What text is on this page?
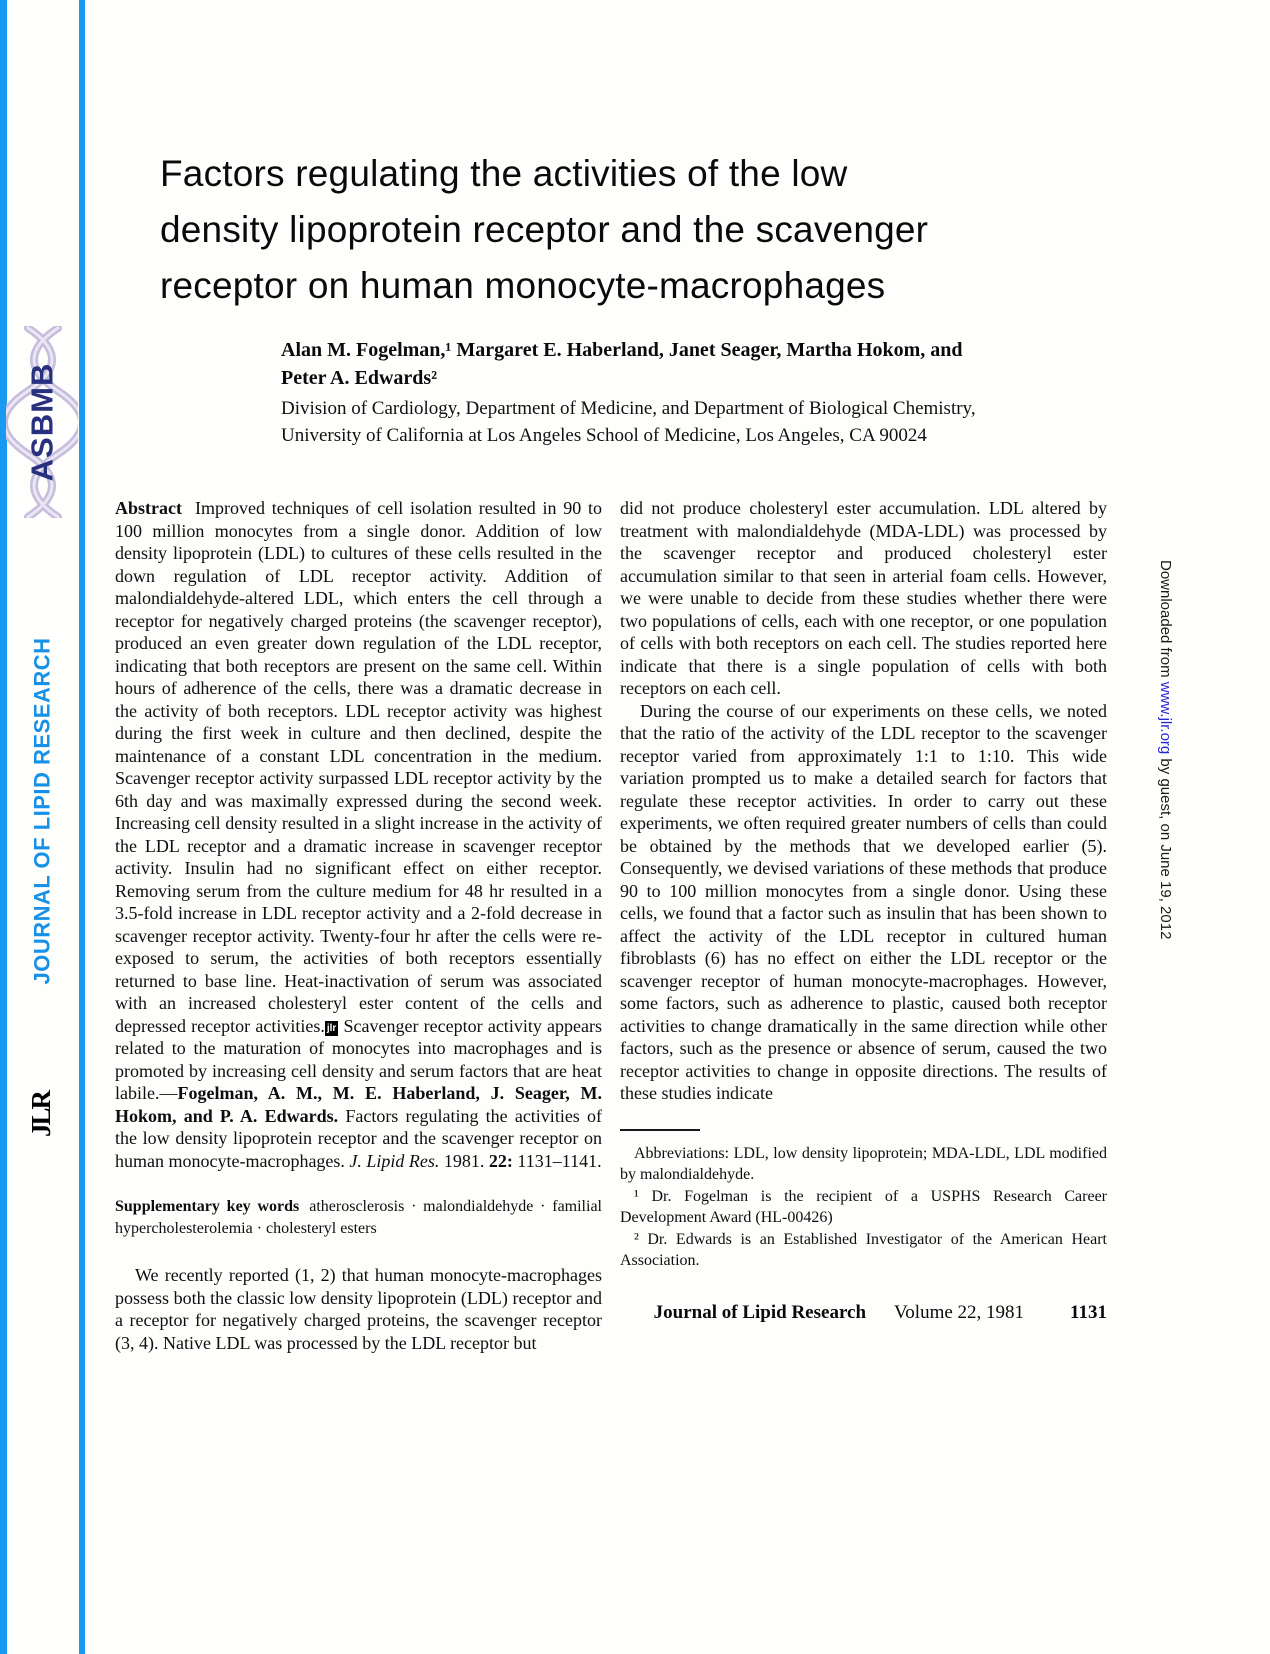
ASBMB
JOURNAL OF LIPID RESEARCH
JLR
Downloaded from www.jlr.org by guest, on June 19, 2012
Factors regulating the activities of the low
density lipoprotein receptor and the scavenger
receptor on human monocyte-macrophages
Alan M. Fogelman,¹ Margaret E. Haberland, Janet Seager, Martha Hokom, and
Peter A. Edwards²
Division of Cardiology, Department of Medicine, and Department of Biological Chemistry,
University of California at Los Angeles School of Medicine, Los Angeles, CA 90024

Abstract Improved techniques of cell isolation resulted in 90 to 100 million monocytes from a single donor. Addition of low density lipoprotein (LDL) to cultures of these cells resulted in the down regulation of LDL receptor activity. Addition of malondialdehyde-altered LDL, which enters the cell through a receptor for negatively charged proteins (the scavenger receptor), produced an even greater down regulation of the LDL receptor, indicating that both receptors are present on the same cell. Within hours of adherence of the cells, there was a dramatic decrease in the activity of both receptors. LDL receptor activity was highest during the first week in culture and then declined, despite the maintenance of a constant LDL concentration in the medium. Scavenger receptor activity surpassed LDL receptor activity by the 6th day and was maximally expressed during the second week. Increasing cell density resulted in a slight increase in the activity of the LDL receptor and a dramatic increase in scavenger receptor activity. Insulin had no significant effect on either receptor. Removing serum from the culture medium for 48 hr resulted in a 3.5-fold increase in LDL receptor activity and a 2-fold decrease in scavenger receptor activity. Twenty-four hr after the cells were re-exposed to serum, the activities of both receptors essentially returned to base line. Heat-inactivation of serum was associated with an increased cholesteryl ester content of the cells and depressed receptor activities. jlr Scavenger receptor activity appears related to the maturation of monocytes into macrophages and is promoted by increasing cell density and serum factors that are heat labile.—Fogelman, A. M., M. E. Haberland, J. Seager, M. Hokom, and P. A. Edwards. Factors regulating the activities of the low density lipoprotein receptor and the scavenger receptor on human monocyte-macrophages. J. Lipid Res. 1981. 22: 1131–1141.

Supplementary key words atherosclerosis · malondialdehyde · familial hypercholesterolemia · cholesteryl esters

We recently reported (1, 2) that human monocyte-macrophages possess both the classic low density lipoprotein (LDL) receptor and a receptor for negatively charged proteins, the scavenger receptor (3, 4). Native LDL was processed by the LDL receptor but

did not produce cholesteryl ester accumulation. LDL altered by treatment with malondialdehyde (MDA-LDL) was processed by the scavenger receptor and produced cholesteryl ester accumulation similar to that seen in arterial foam cells. However, we were unable to decide from these studies whether there were two populations of cells, each with one receptor, or one population of cells with both receptors on each cell. The studies reported here indicate that there is a single population of cells with both receptors on each cell.

During the course of our experiments on these cells, we noted that the ratio of the activity of the LDL receptor to the scavenger receptor varied from approximately 1:1 to 1:10. This wide variation prompted us to make a detailed search for factors that regulate these receptor activities. In order to carry out these experiments, we often required greater numbers of cells than could be obtained by the methods that we developed earlier (5). Consequently, we devised variations of these methods that produce 90 to 100 million monocytes from a single donor. Using these cells, we found that a factor such as insulin that has been shown to affect the activity of the LDL receptor in cultured human fibroblasts (6) has no effect on either the LDL receptor or the scavenger receptor of human monocyte-macrophages. However, some factors, such as adherence to plastic, caused both receptor activities to change dramatically in the same direction while other factors, such as the presence or absence of serum, caused the two receptor activities to change in opposite directions. The results of these studies indicate

Abbreviations: LDL, low density lipoprotein; MDA-LDL, LDL modified by malondialdehyde.

¹ Dr. Fogelman is the recipient of a USPHS Research Career Development Award (HL-00426)

² Dr. Edwards is an Established Investigator of the American Heart Association.

Journal of Lipid Research Volume 22, 1981 1131
